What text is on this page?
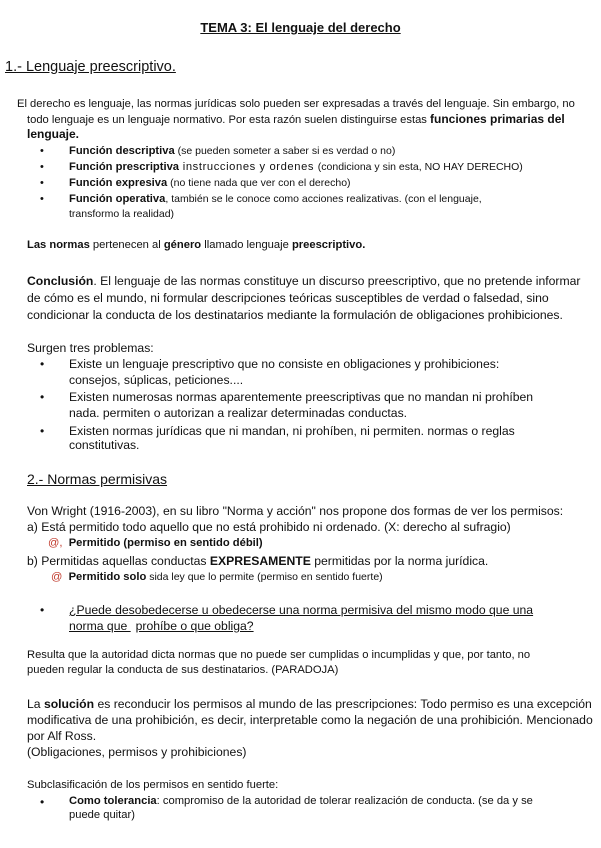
TEMA 3: El lenguaje del derecho
1.- Lenguaje preescriptivo.
El derecho es lenguaje, las normas jurídicas solo pueden ser expresadas a través del lenguaje. Sin embargo, no
todo lenguaje es un lenguaje normativo. Por esta razón suelen distinguirse estas funciones primarias del
lenguaje.
• Función descriptiva (se pueden someter a saber si es verdad o no)
• Función prescriptiva instrucciones y ordenes (condiciona y sin esta, NO HAY DERECHO)
• Función expresiva (no tiene nada que ver con el derecho)
• Función operativa, también se le conoce como acciones realizativas. (con el lenguaje,
transformo la realidad)
Las normas pertenecen al género llamado lenguaje preescriptivo.
Conclusión. El lenguaje de las normas constituye un discurso preescriptivo, que no pretende informar
de cómo es el mundo, ni formular descripciones teóricas susceptibles de verdad o falsedad, sino
condicionar la conducta de los destinatarios mediante la formulación de obligaciones prohibiciones.
Surgen tres problemas:
• Existe un lenguaje prescriptivo que no consiste en obligaciones y prohibiciones:
consejos, súplicas, peticiones....
• Existen numerosas normas aparentemente preescriptivas que no mandan ni prohíben
nada. permiten o autorizan a realizar determinadas conductas.
• Existen normas jurídicas que ni mandan, ni prohíben, ni permiten. normas o reglas
constitutivas.
2.- Normas permisivas
Von Wright (1916-2003), en su libro "Norma y acción" nos propone dos formas de ver los permisos:
a) Está permitido todo aquello que no está prohibido ni ordenado. (X: derecho al sufragio)
@, Permitido (permiso en sentido débil)
b) Permitidas aquellas conductas EXPRESAMENTE permitidas por la norma jurídica.
@ Permitido solo sida ley que lo permite (permiso en sentido fuerte)
• ¿Puede desobedecerse u obedecerse una norma permisiva del mismo modo que una
norma que prohíbe o que obliga?
Resulta que la autoridad dicta normas que no puede ser cumplidas o incumplidas y que, por tanto, no
pueden regular la conducta de sus destinatarios. (PARADOJA)
La solución es reconducir los permisos al mundo de las prescripciones: Todo permiso es una excepción
modificativa de una prohibición, es decir, interpretable como la negación de una prohibición. Mencionado
por Alf Ross.
(Obligaciones, permisos y prohibiciones)
Subclasificación de los permisos en sentido fuerte:
• Como tolerancia: compromiso de la autoridad de tolerar realización de conducta. (se da y se
puede quitar)
